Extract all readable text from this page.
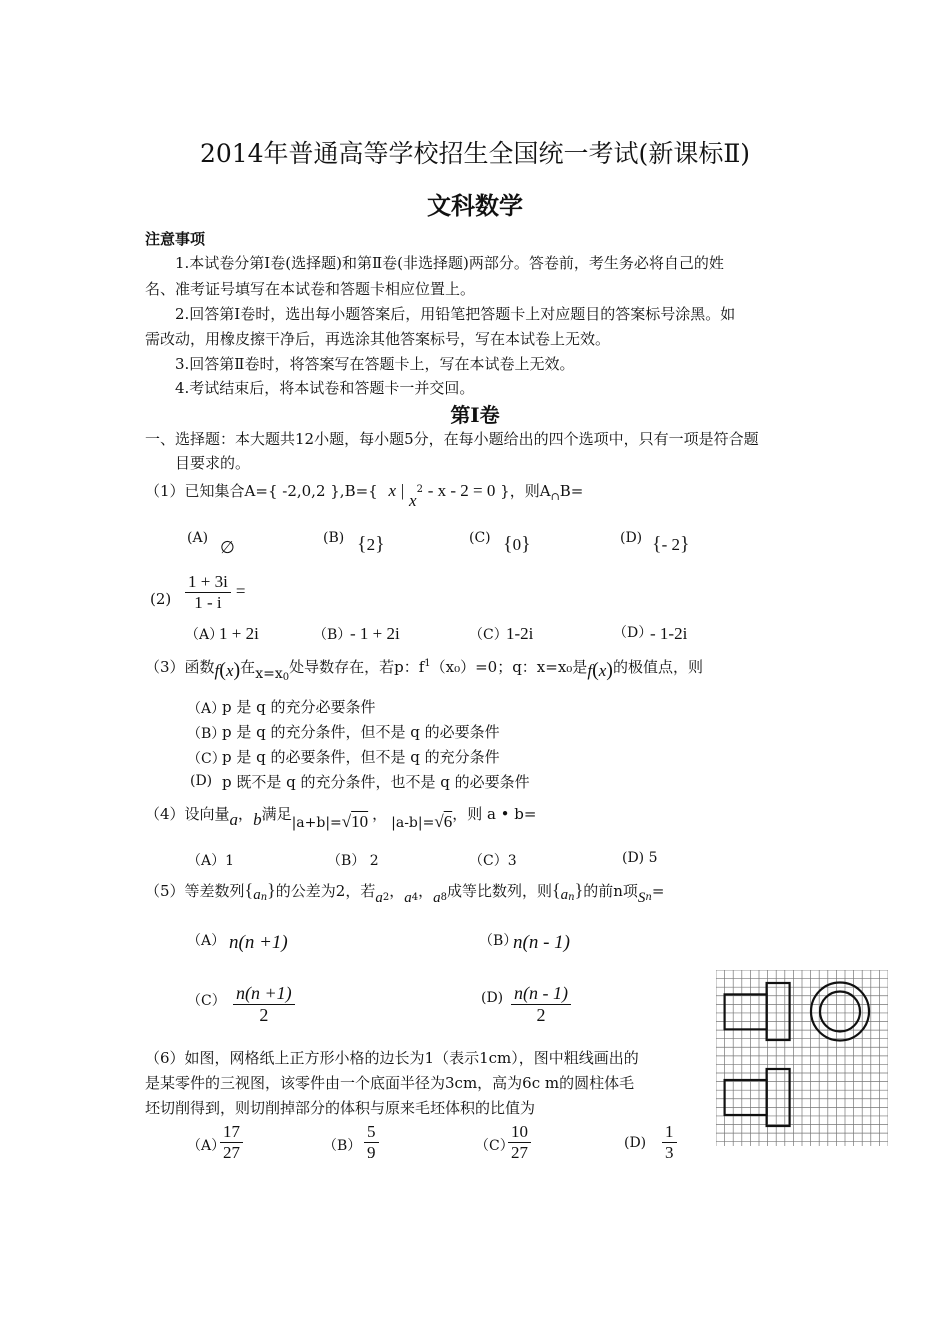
2014年普通高等学校招生全国统一考试(新课标Ⅱ)
文科数学
注意事项
1.本试卷分第Ⅰ卷(选择题)和第Ⅱ卷(非选择题)两部分。答卷前，考生务必将自己的姓
名、准考证号填写在本试卷和答题卡相应位置上。
2.回答第Ⅰ卷时，选出每小题答案后，用铅笔把答题卡上对应题目的答案标号涂黑。如
需改动，用橡皮擦干净后，再选涂其他答案标号，写在本试卷上无效。
3.回答第Ⅱ卷时，将答案写在答题卡上，写在本试卷上无效。
4.考试结束后，将本试卷和答题卡一并交回。
第Ⅰ卷
一、选择题：本大题共12小题，每小题5分，在每小题给出的四个选项中，只有一项是符合题
目要求的。
（1）已知集合A={ -2,0,2 },B={ x | $x^2 - x - 2 = 0$ }，则$A_\cap B=$
(A) ∅	(B) {2}	(C) {0}	(D) {- 2}
$(2) \frac{1 + 3i}{1 - i}$ =
（A）
1 + 2i	（B）
- 1 + 2i	（C）
1-2i	（D）
- 1-2i
（3）函数f(x)在$x=x_0$处导数存在，若p：$f^1(x_0)=0$；q：x=x₀是f(x)的极值点，则
（A）
p 是 q 的充分必要条件
（B）
p 是 q 的充分条件，但不是 q 的必要条件
（C）
p 是 q 的必要条件，但不是 q 的充分条件
(D) p 既不是 q 的充分条件，也不是 q 的必要条件
（4）设向量a，b满足|a+b|=√10 ， |a-b|=√6，则 a • b=
（A）1	（B） 2	（C）3	(D) 5
（5）等差数列$\{a_n\}$的公差为2，若$a_2$，$a_4$，$a_8$成等比数列，则$\{a_n\}$的前n项$S_n=$
（A） n(n +1)	（B）
n(n - 1)
$(C) \frac{n(n +1)}{2}$	$(D) \frac{n(n - 1)}{2}$
（6）如图，网格纸上正方形小格的边长为1（表示1cm），图中粗线画出的
是某零件的三视图，该零件由一个底面半径为3cm，高为6c m的圆柱体毛
坯切削得到，则切削掉部分的体积与原来毛坯体积的比值为
（A）
$\frac{17}{27}$	$(B) \frac{5}{9}$	（C）
$\frac{10}{27}$	$(D) \frac{1}{3}$
